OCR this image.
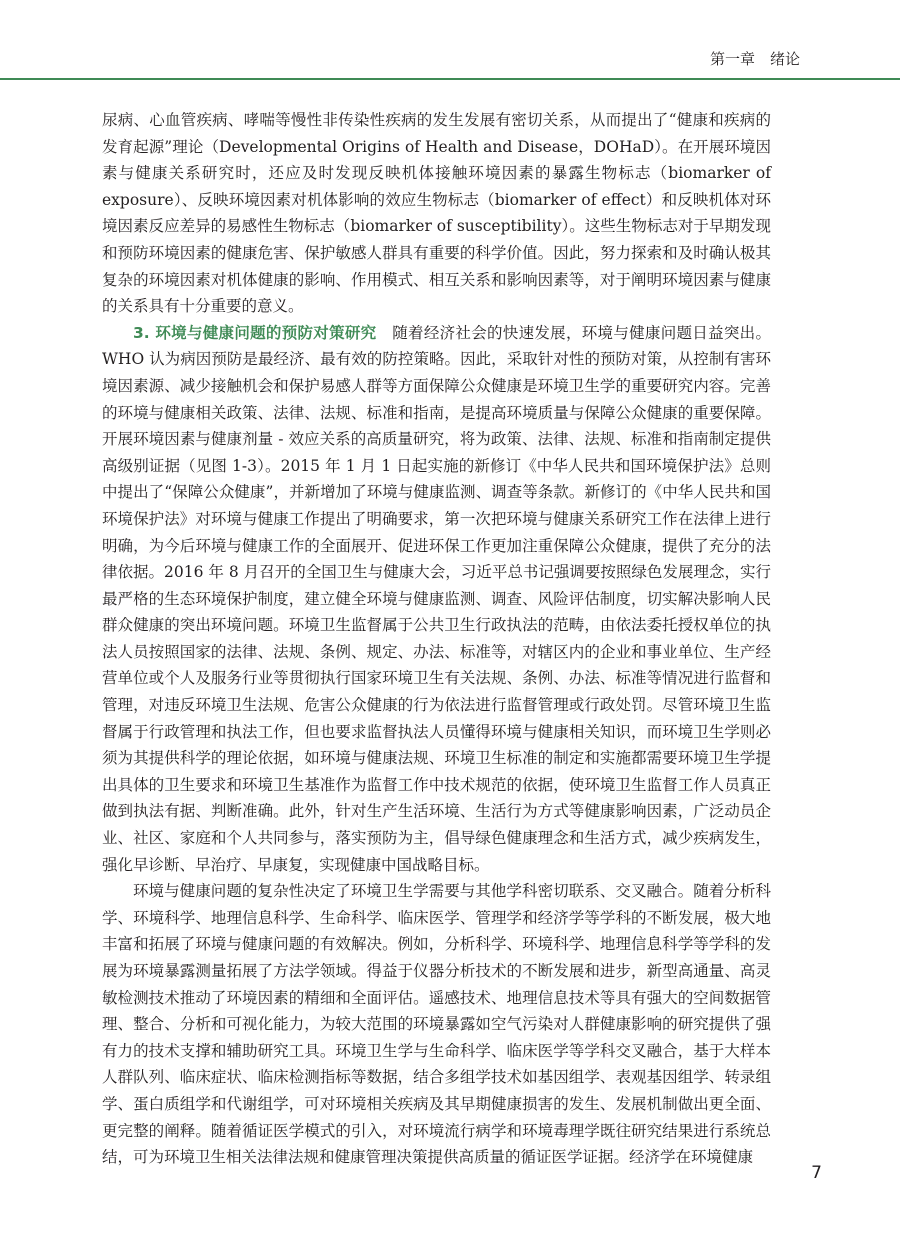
第一章　绪论

尿病、心血管疾病、哮喘等慢性非传染性疾病的发生发展有密切关系，从而提出了“健康和疾病的发育起源”理论（Developmental Origins of Health and Disease，DOHaD）。在开展环境因素与健康关系研究时，还应及时发现反映机体接触环境因素的暴露生物标志（biomarker of exposure）、反映环境因素对机体影响的效应生物标志（biomarker of effect）和反映机体对环境因素反应差异的易感性生物标志（biomarker of susceptibility）。这些生物标志对于早期发现和预防环境因素的健康危害、保护敏感人群具有重要的科学价值。因此，努力探索和及时确认极其复杂的环境因素对机体健康的影响、作用模式、相互关系和影响因素等，对于阐明环境因素与健康的关系具有十分重要的意义。

3. 环境与健康问题的预防对策研究　 随着经济社会的快速发展，环境与健康问题日益突出。WHO 认为病因预防是最经济、最有效的防控策略。因此，采取针对性的预防对策，从控制有害环境因素源、减少接触机会和保护易感人群等方面保障公众健康是环境卫生学的重要研究内容。完善的环境与健康相关政策、法律、法规、标准和指南，是提高环境质量与保障公众健康的重要保障。开展环境因素与健康剂量 - 效应关系的高质量研究，将为政策、法律、法规、标准和指南制定提供高级别证据（见图 1-3）。2015 年 1 月 1 日起实施的新修订《中华人民共和国环境保护法》总则中提出了“保障公众健康”，并新增加了环境与健康监测、调查等条款。新修订的《中华人民共和国环境保护法》对环境与健康工作提出了明确要求，第一次把环境与健康关系研究工作在法律上进行明确，为今后环境与健康工作的全面展开、促进环保工作更加注重保障公众健康，提供了充分的法律依据。2016 年 8 月召开的全国卫生与健康大会，习近平总书记强调要按照绿色发展理念，实行最严格的生态环境保护制度，建立健全环境与健康监测、调查、风险评估制度，切实解决影响人民群众健康的突出环境问题。环境卫生监督属于公共卫生行政执法的范畴，由依法委托授权单位的执法人员按照国家的法律、法规、条例、规定、办法、标准等，对辖区内的企业和事业单位、生产经营单位或个人及服务行业等贯彻执行国家环境卫生有关法规、条例、办法、标准等情况进行监督和管理，对违反环境卫生法规、危害公众健康的行为依法进行监督管理或行政处罚。尽管环境卫生监督属于行政管理和执法工作，但也要求监督执法人员懂得环境与健康相关知识，而环境卫生学则必须为其提供科学的理论依据，如环境与健康法规、环境卫生标准的制定和实施都需要环境卫生学提出具体的卫生要求和环境卫生基准作为监督工作中技术规范的依据，使环境卫生监督工作人员真正做到执法有据、判断准确。此外，针对生产生活环境、生活行为方式等健康影响因素，广泛动员企业、社区、家庭和个人共同参与，落实预防为主，倡导绿色健康理念和生活方式，减少疾病发生，强化早诊断、早治疗、早康复，实现健康中国战略目标。

环境与健康问题的复杂性决定了环境卫生学需要与其他学科密切联系、交叉融合。随着分析科学、环境科学、地理信息科学、生命科学、临床医学、管理学和经济学等学科的不断发展，极大地丰富和拓展了环境与健康问题的有效解决。例如，分析科学、环境科学、地理信息科学等学科的发展为环境暴露测量拓展了方法学领域。得益于仪器分析技术的不断发展和进步，新型高通量、高灵敏检测技术推动了环境因素的精细和全面评估。遥感技术、地理信息技术等具有强大的空间数据管理、整合、分析和可视化能力，为较大范围的环境暴露如空气污染对人群健康影响的研究提供了强有力的技术支撑和辅助研究工具。环境卫生学与生命科学、临床医学等学科交叉融合，基于大样本人群队列、临床症状、临床检测指标等数据，结合多组学技术如基因组学、表观基因组学、转录组学、蛋白质组学和代谢组学，可对环境相关疾病及其早期健康损害的发生、发展机制做出更全面、更完整的阐释。随着循证医学模式的引入，对环境流行病学和环境毒理学既往研究结果进行系统总结，可为环境卫生相关法律法规和健康管理决策提供高质量的循证医学证据。经济学在环境健康

7
